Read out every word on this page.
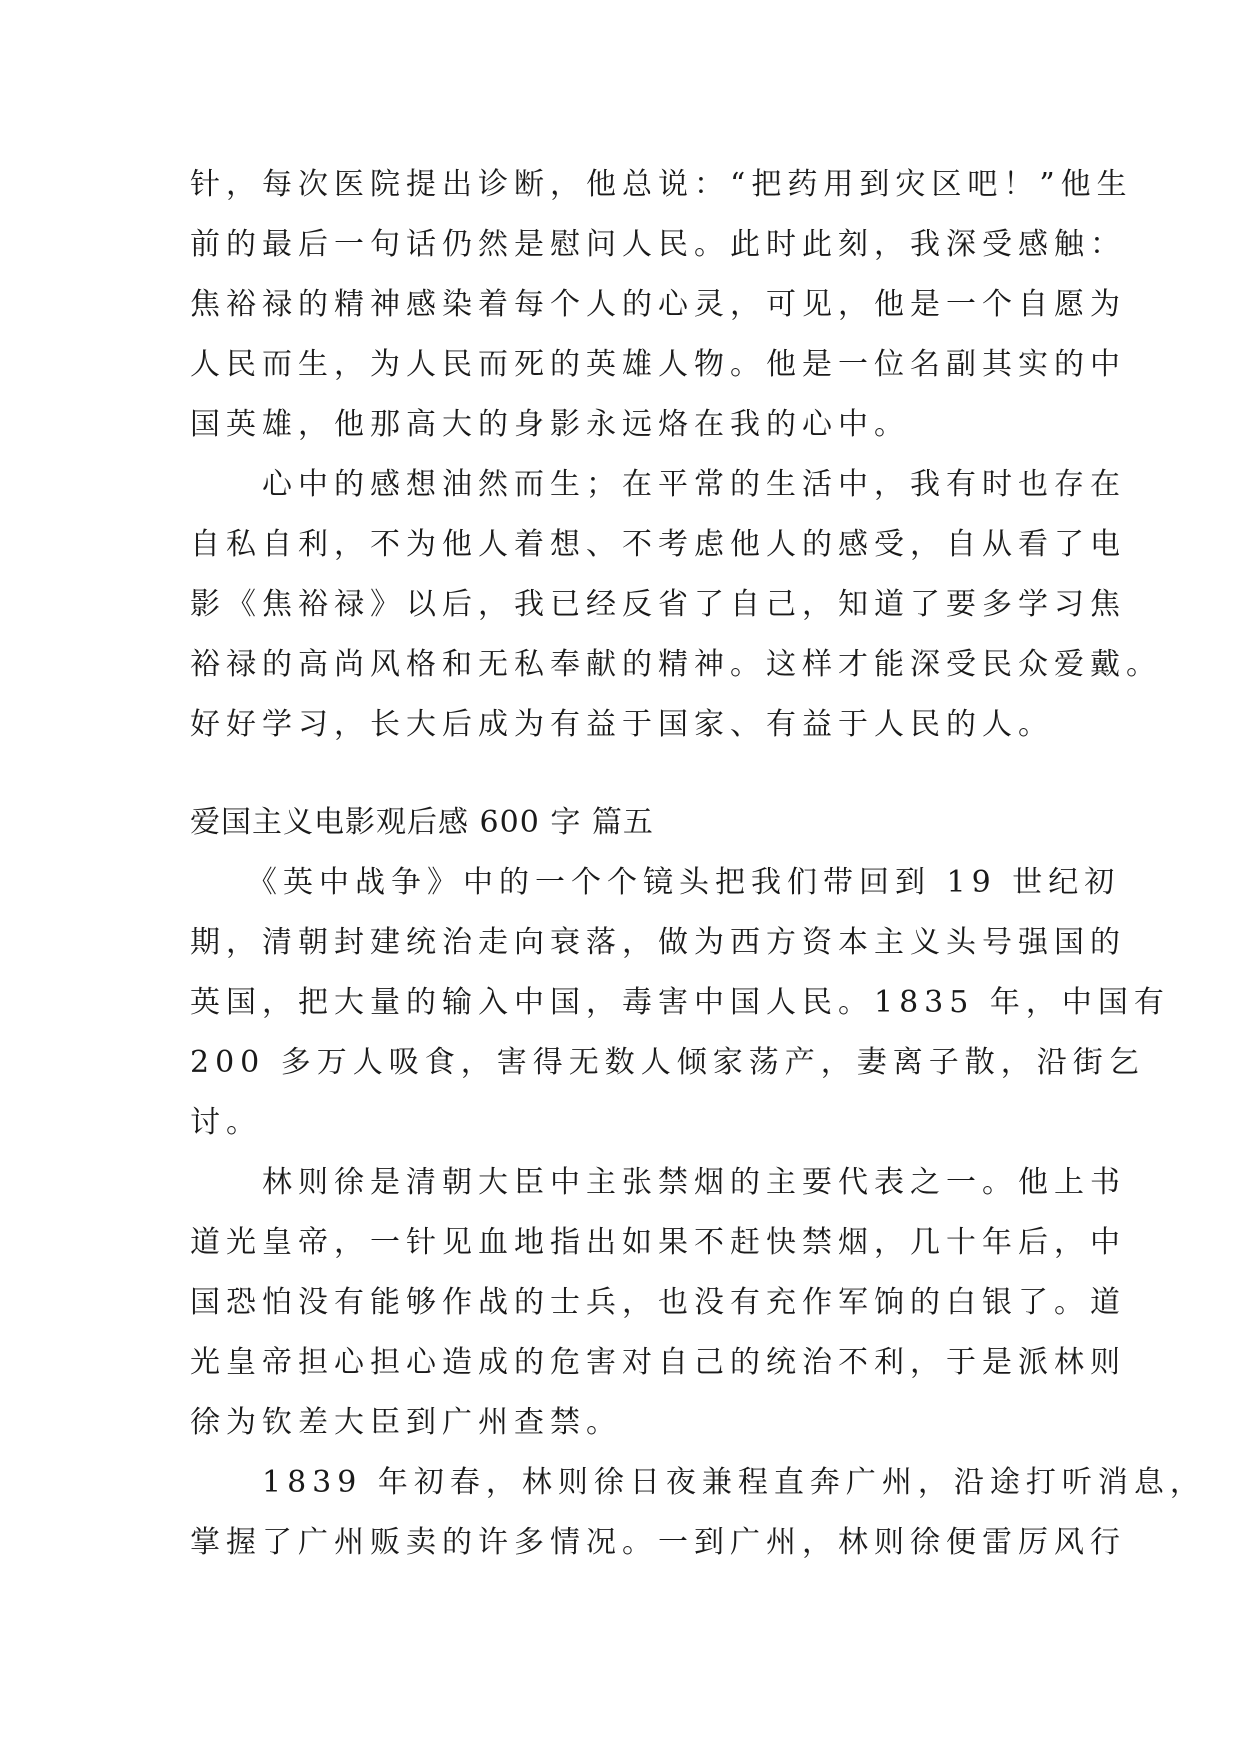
针，每次医院提出诊断，他总说：“把药用到灾区吧！”他生
前的最后一句话仍然是慰问人民。此时此刻，我深受感触：
焦裕禄的精神感染着每个人的心灵，可见，他是一个自愿为
人民而生，为人民而死的英雄人物。他是一位名副其实的中
国英雄，他那高大的身影永远烙在我的心中。
　　心中的感想油然而生；在平常的生活中，我有时也存在
自私自利，不为他人着想、不考虑他人的感受，自从看了电
影《焦裕禄》以后，我已经反省了自己，知道了要多学习焦
裕禄的高尚风格和无私奉献的精神。这样才能深受民众爱戴。
好好学习，长大后成为有益于国家、有益于人民的人。
爱国主义电影观后感 600 字 篇五
　　《英中战争》中的一个个镜头把我们带回到 19 世纪初
期，清朝封建统治走向衰落，做为西方资本主义头号强国的
英国，把大量的输入中国，毒害中国人民。1835 年，中国有
200 多万人吸食，害得无数人倾家荡产，妻离子散，沿街乞
讨。
　　林则徐是清朝大臣中主张禁烟的主要代表之一。他上书
道光皇帝，一针见血地指出如果不赶快禁烟，几十年后，中
国恐怕没有能够作战的士兵，也没有充作军饷的白银了。道
光皇帝担心担心造成的危害对自己的统治不利，于是派林则
徐为钦差大臣到广州查禁。
　　1839 年初春，林则徐日夜兼程直奔广州，沿途打听消息，
掌握了广州贩卖的许多情况。一到广州，林则徐便雷厉风行
